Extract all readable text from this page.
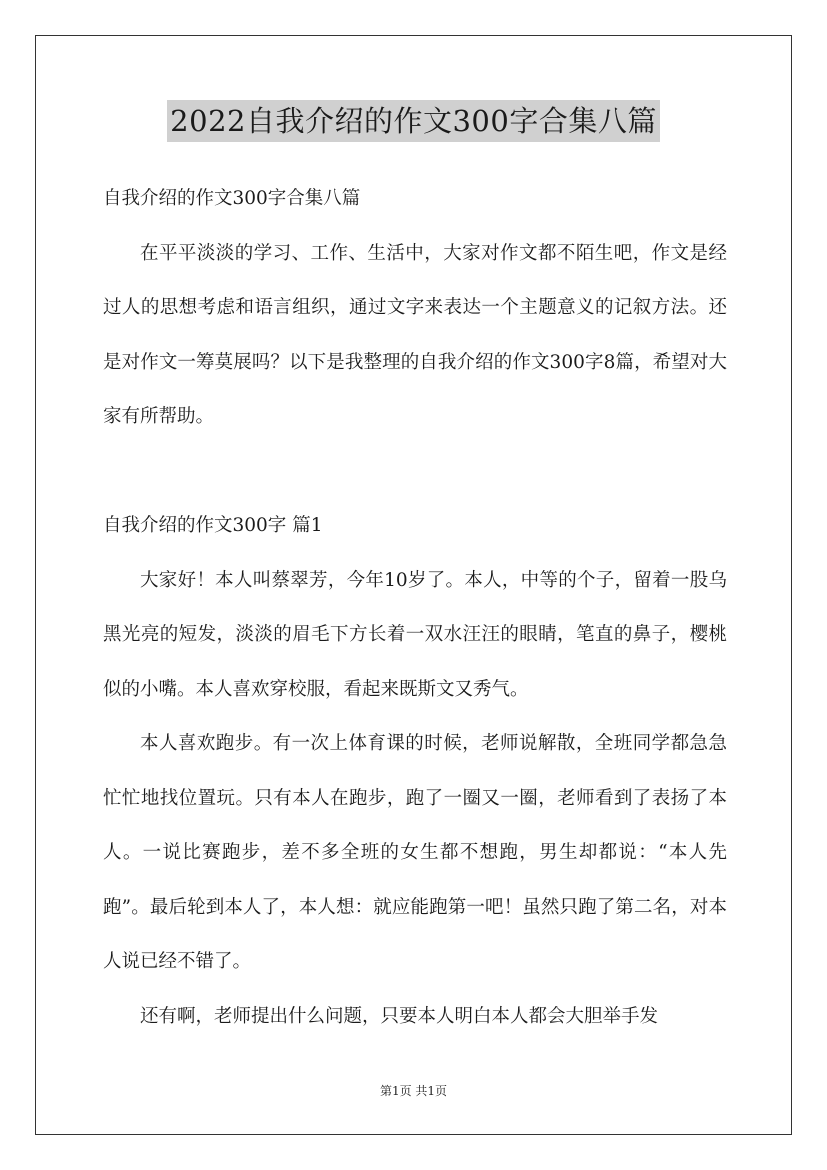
2022自我介绍的作文300字合集八篇

自我介绍的作文300字合集八篇

在平平淡淡的学习、工作、生活中，大家对作文都不陌生吧，作文是经过人的思想考虑和语言组织，通过文字来表达一个主题意义的记叙方法。还是对作文一筹莫展吗？以下是我整理的自我介绍的作文300字8篇，希望对大家有所帮助。

自我介绍的作文300字 篇1

大家好！本人叫蔡翠芳，今年10岁了。本人，中等的个子，留着一股乌黑光亮的短发，淡淡的眉毛下方长着一双水汪汪的眼睛，笔直的鼻子，樱桃似的小嘴。本人喜欢穿校服，看起来既斯文又秀气。

本人喜欢跑步。有一次上体育课的时候，老师说解散，全班同学都急急忙忙地找位置玩。只有本人在跑步，跑了一圈又一圈，老师看到了表扬了本人。一说比赛跑步，差不多全班的女生都不想跑，男生却都说：“本人先跑”。最后轮到本人了，本人想：就应能跑第一吧！虽然只跑了第二名，对本人说已经不错了。

还有啊，老师提出什么问题，只要本人明白本人都会大胆举手发

第1页 共1页
